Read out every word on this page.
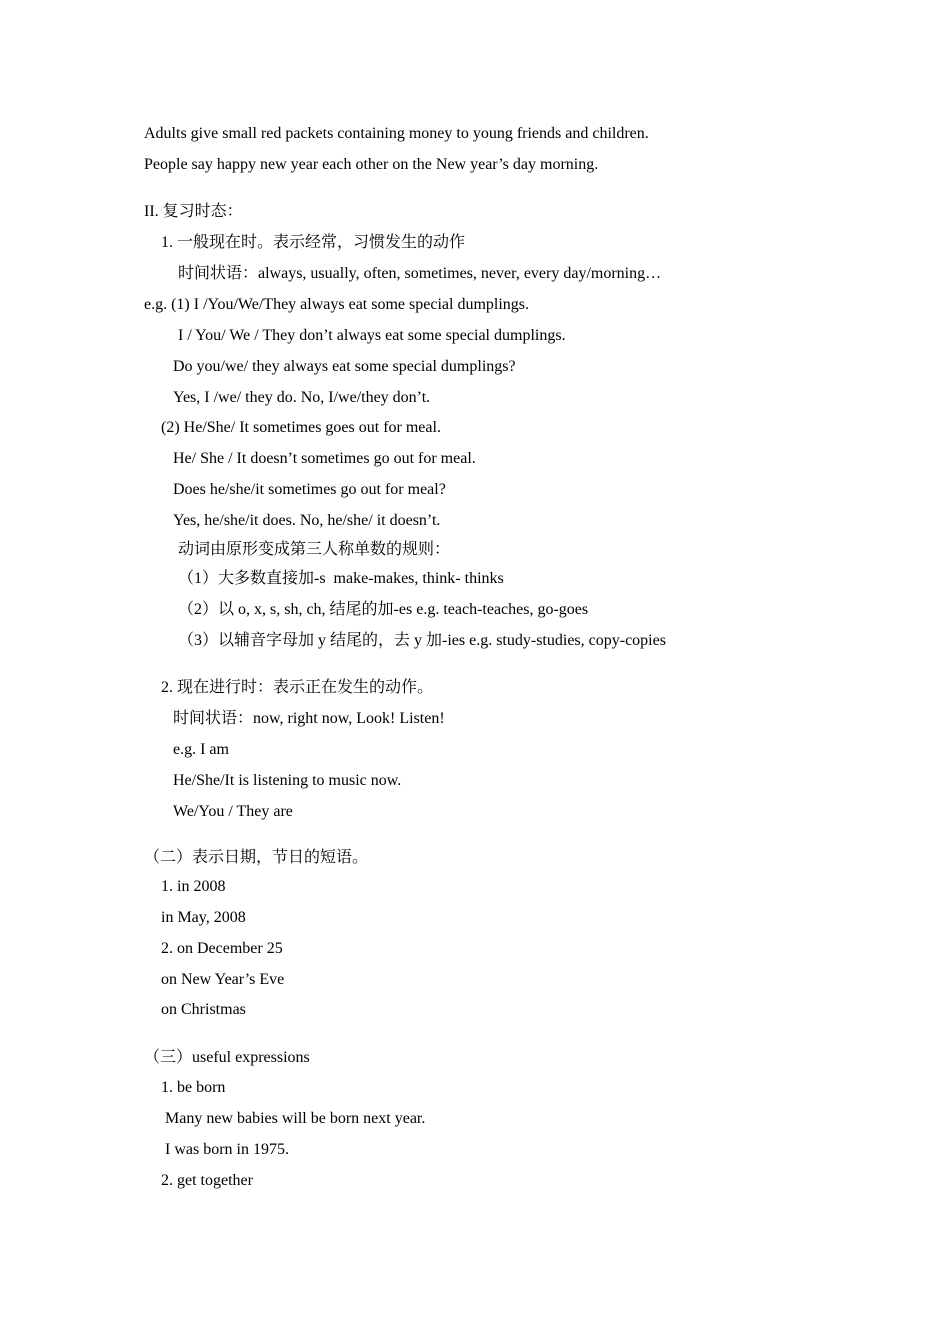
Adults give small red packets containing money to young friends and children.
People say happy new year each other on the New year’s day morning.
II. 复习时态：
1. 一般现在时。表示经常，习惯发生的动作
时间状语：always, usually, often, sometimes, never, every day/morning…
e.g. (1) I /You/We/They always eat some special dumplings.
I / You/ We / They don’t always eat some special dumplings.
Do you/we/ they always eat some special dumplings?
Yes, I /we/ they do. No, I/we/they don’t.
(2) He/She/ It sometimes goes out for meal.
He/ She / It doesn’t sometimes go out for meal.
Does he/she/it sometimes go out for meal?
Yes, he/she/it does. No, he/she/ it doesn’t.
动词由原形变成第三人称单数的规则：
（1）大多数直接加-s  make-makes, think- thinks
（2）以 o, x, s, sh, ch, 结尾的加-es e.g. teach-teaches, go-goes
（3）以辅音字母加 y 结尾的，去 y 加-ies e.g. study-studies, copy-copies
2. 现在进行时：表示正在发生的动作。
时间状语：now, right now, Look! Listen!
e.g. I am
He/She/It is listening to music now.
We/You / They are
（二）表示日期，节日的短语。
1. in 2008
in May, 2008
2. on December 25
on New Year’s Eve
on Christmas
（三）useful expressions
1. be born
Many new babies will be born next year.
I was born in 1975.
2. get together
